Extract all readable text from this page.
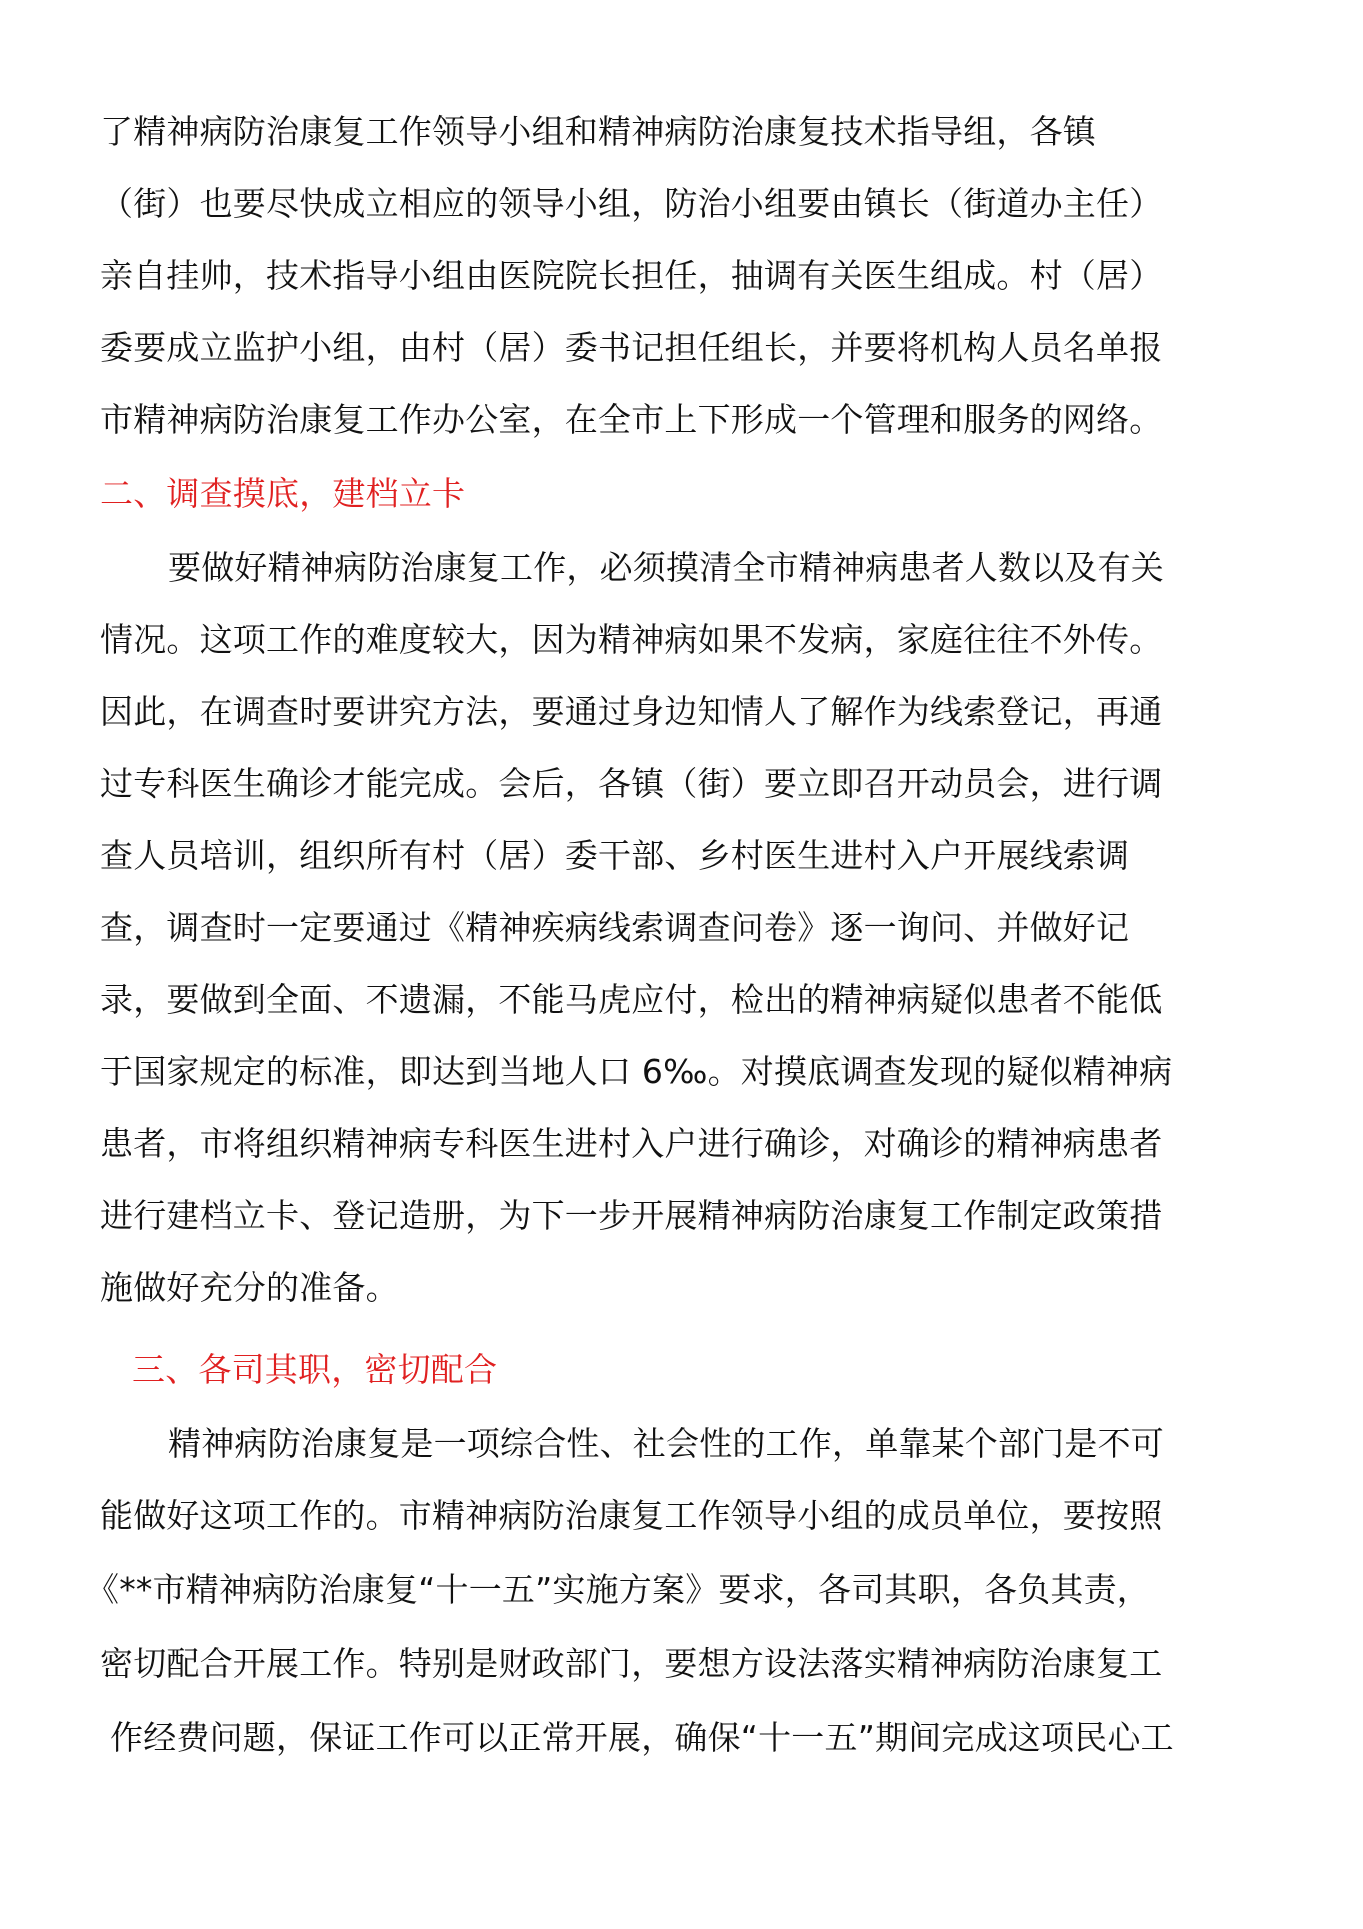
了精神病防治康复工作领导小组和精神病防治康复技术指导组，各镇
（街）也要尽快成立相应的领导小组，防治小组要由镇长（街道办主任）
亲自挂帅，技术指导小组由医院院长担任，抽调有关医生组成。村（居）
委要成立监护小组，由村（居）委书记担任组长，并要将机构人员名单报
市精神病防治康复工作办公室，在全市上下形成一个管理和服务的网络。
二、调查摸底，建档立卡
要做好精神病防治康复工作，必须摸清全市精神病患者人数以及有关
情况。这项工作的难度较大，因为精神病如果不发病，家庭往往不外传。
因此，在调查时要讲究方法，要通过身边知情人了解作为线索登记，再通
过专科医生确诊才能完成。会后，各镇（街）要立即召开动员会，进行调
查人员培训，组织所有村（居）委干部、乡村医生进村入户开展线索调
查，调查时一定要通过《精神疾病线索调查问卷》逐一询问、并做好记
录，要做到全面、不遗漏，不能马虎应付，检出的精神病疑似患者不能低
于国家规定的标准，即达到当地人口 6‰。对摸底调查发现的疑似精神病
患者，市将组织精神病专科医生进村入户进行确诊，对确诊的精神病患者
进行建档立卡、登记造册，为下一步开展精神病防治康复工作制定政策措
施做好充分的准备。
三、各司其职，密切配合
精神病防治康复是一项综合性、社会性的工作，单靠某个部门是不可
能做好这项工作的。市精神病防治康复工作领导小组的成员单位，要按照
《**市精神病防治康复“十一五”实施方案》要求，各司其职，各负其责，
密切配合开展工作。特别是财政部门，要想方设法落实精神病防治康复工
作经费问题，保证工作可以正常开展，确保“十一五”期间完成这项民心工
